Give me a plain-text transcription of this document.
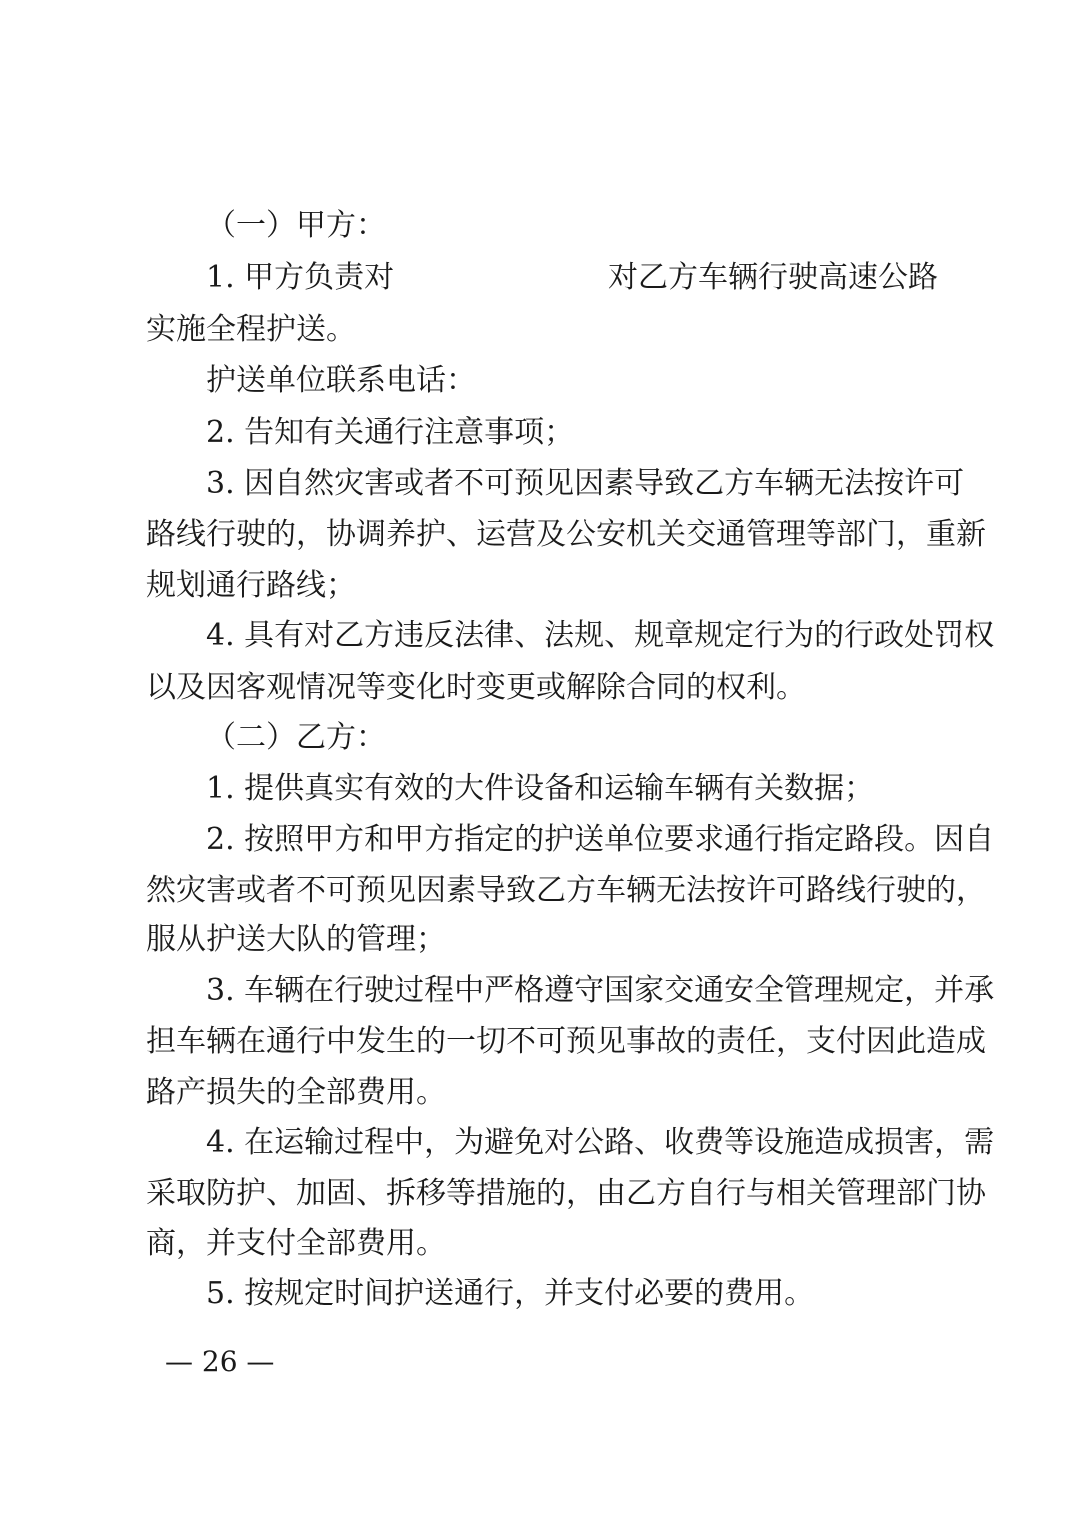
（一）甲方：
1. 甲方负责对	对乙方车辆行驶高速公路
实施全程护送。
护送单位联系电话：
2. 告知有关通行注意事项；
3. 因自然灾害或者不可预见因素导致乙方车辆无法按许可
路线行驶的，协调养护、运营及公安机关交通管理等部门，重新
规划通行路线；
4. 具有对乙方违反法律、法规、规章规定行为的行政处罚权
以及因客观情况等变化时变更或解除合同的权利。
（二）乙方：
1. 提供真实有效的大件设备和运输车辆有关数据；
2. 按照甲方和甲方指定的护送单位要求通行指定路段。因自
然灾害或者不可预见因素导致乙方车辆无法按许可路线行驶的，
服从护送大队的管理；
3. 车辆在行驶过程中严格遵守国家交通安全管理规定，并承
担车辆在通行中发生的一切不可预见事故的责任，支付因此造成
路产损失的全部费用。
4. 在运输过程中，为避免对公路、收费等设施造成损害，需
采取防护、加固、拆移等措施的，由乙方自行与相关管理部门协
商，并支付全部费用。
5. 按规定时间护送通行，并支付必要的费用。
— 26 —
